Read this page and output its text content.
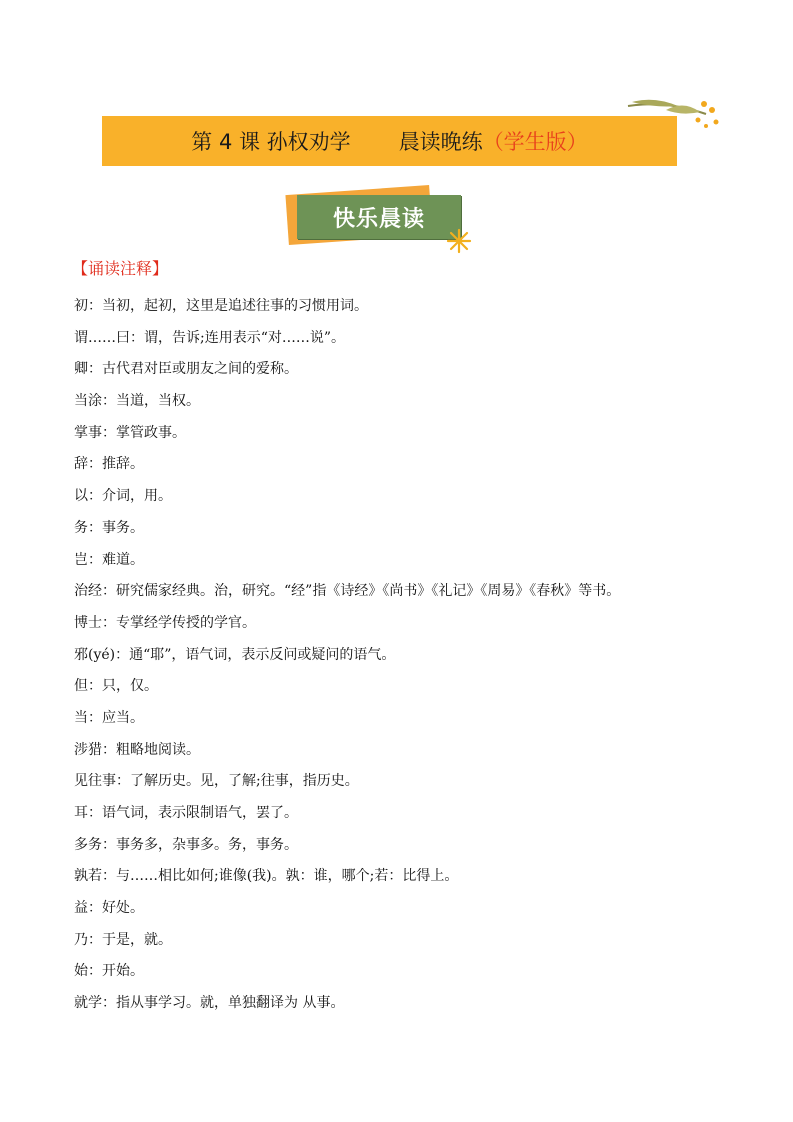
第 4 课 孙权劝学 晨读晚练 （学生版）
快乐晨读
【诵读注释】
初：当初，起初，这里是追述往事的习惯用词。
谓……曰：谓，告诉;连用表示“对……说”。
卿：古代君对臣或朋友之间的爱称。
当涂：当道，当权。
掌事：掌管政事。
辞：推辞。
以：介词，用。
务：事务。
岂：难道。
治经：研究儒家经典。治，研究。“经”指《诗经》《尚书》《礼记》《周易》《春秋》等书。
博士：专掌经学传授的学官。
邪(yé)：通“耶”，语气词，表示反问或疑问的语气。
但：只，仅。
当：应当。
涉猎：粗略地阅读。
见往事：了解历史。见，了解;往事，指历史。
耳：语气词，表示限制语气，罢了。
多务：事务多，杂事多。务，事务。
孰若：与……相比如何;谁像(我)。孰：谁，哪个;若：比得上。
益：好处。
乃：于是，就。
始：开始。
就学：指从事学习。就，单独翻译为 从事。
